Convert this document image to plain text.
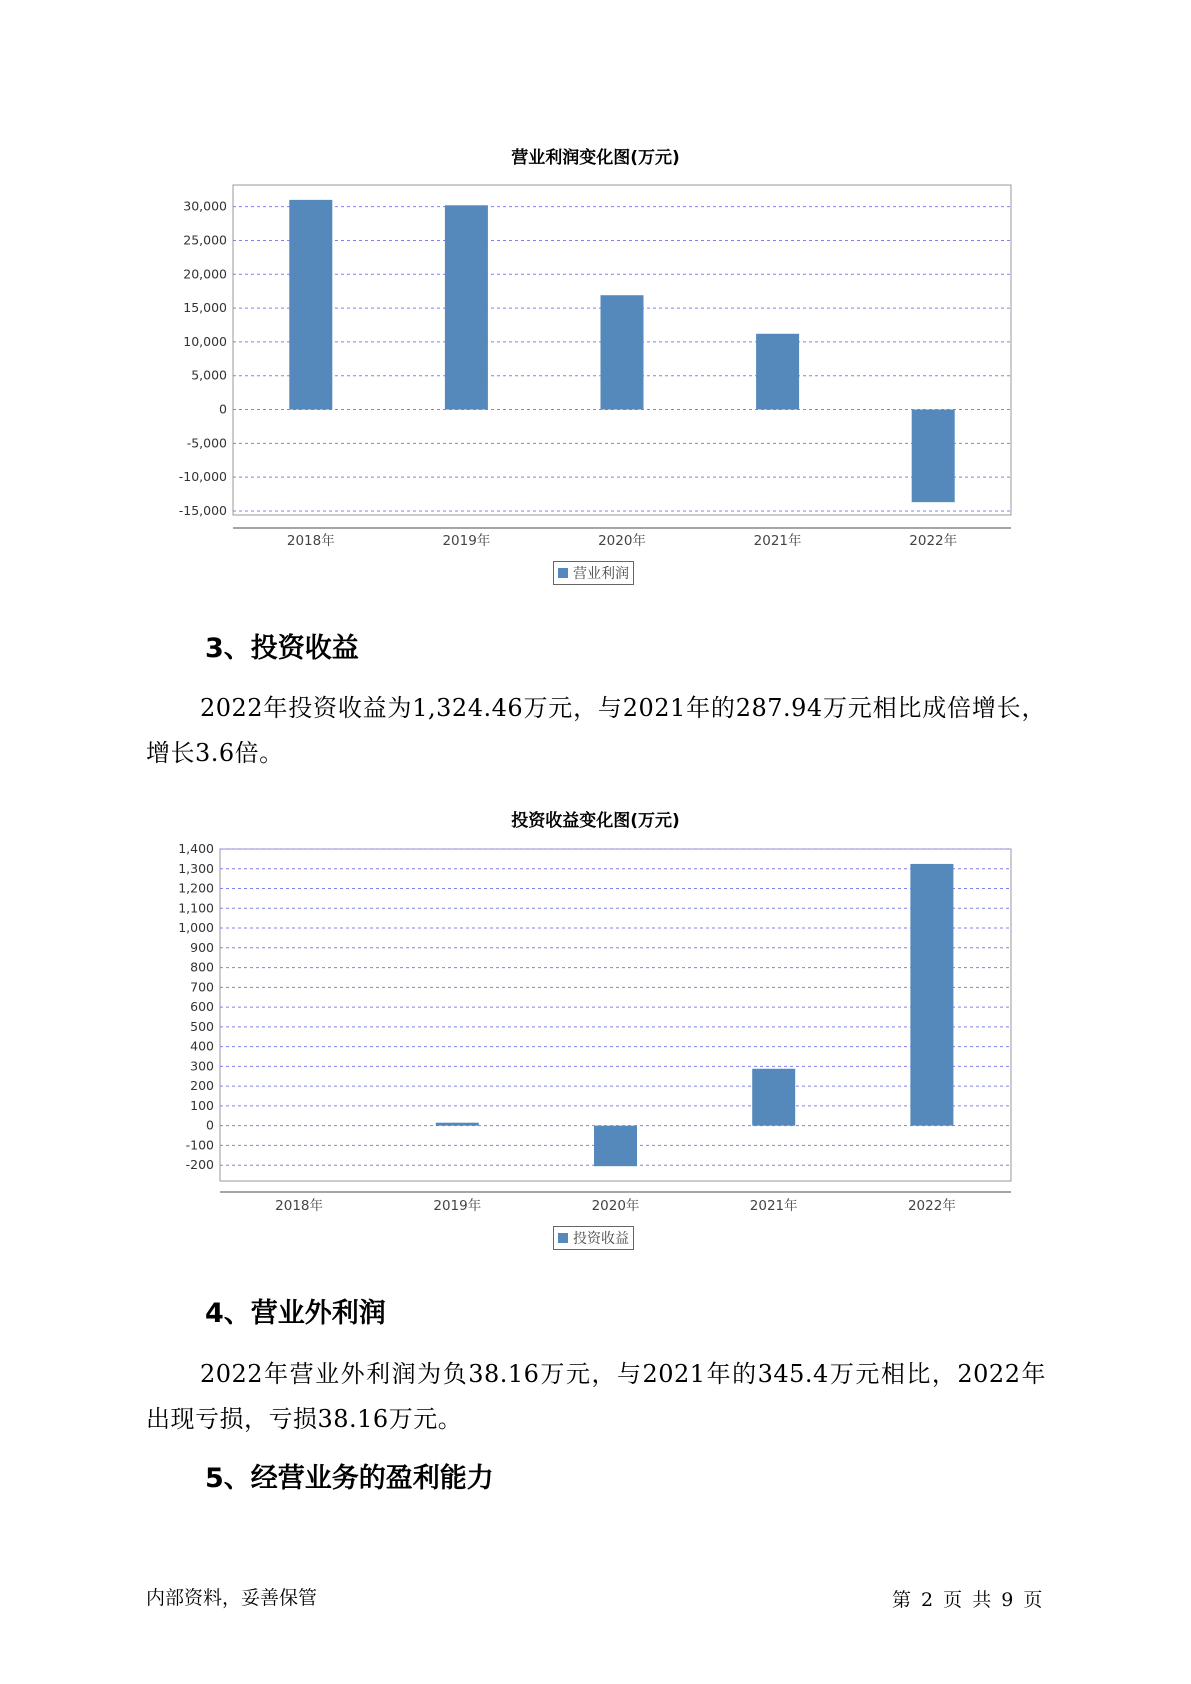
营业利润变化图(万元)
-15,000
-10,000
-5,000
0
5,000
10,000
15,000
20,000
25,000
30,000
2018年	2019年	2020年	2021年	2022年
营业利润
3、投资收益

2022年投资收益为1,324.46万元，与2021年的287.94万元相比成倍增长，增长3.6倍。

投资收益变化图(万元)
-200
-100
0
100
200
300
400
500
600
700
800
900
1,000
1,100
1,200
1,300
1,400
2018年	2019年	2020年	2021年	2022年
投资收益
4、营业外利润

2022年营业外利润为负38.16万元，与2021年的345.4万元相比，2022年出现亏损，亏损38.16万元。

5、经营业务的盈利能力
内部资料，妥善保管	第 2 页 共 9 页
